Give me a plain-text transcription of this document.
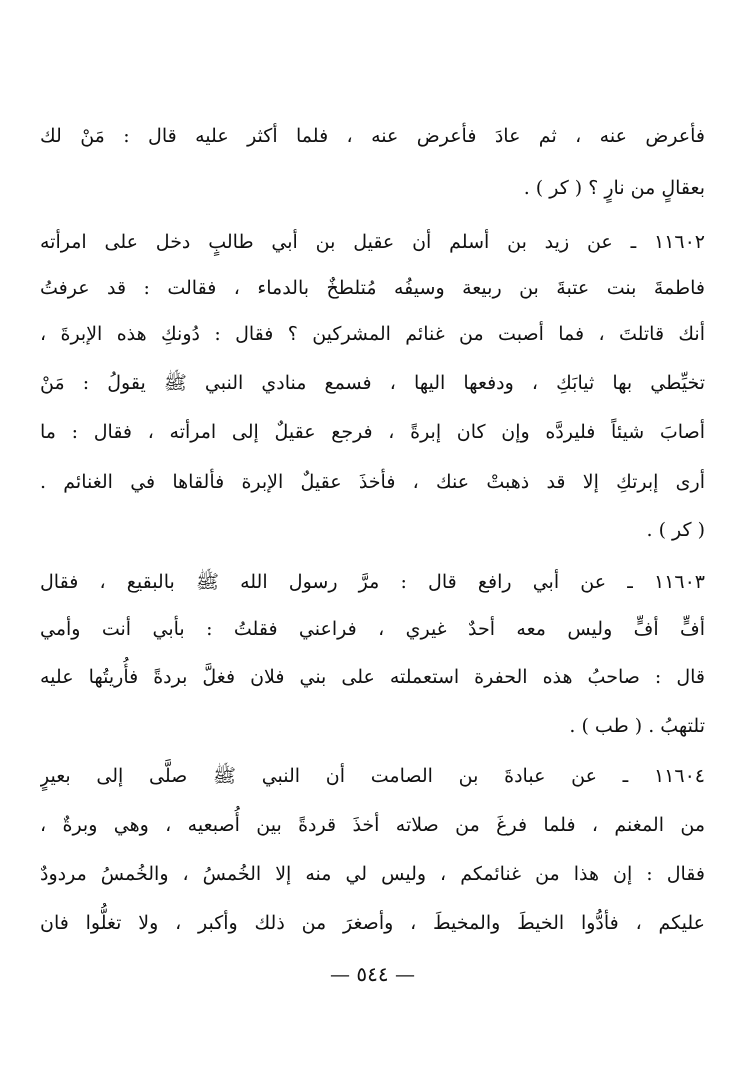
فأعرض عنه ، ثم عادَ فأعرض عنه ، فلما أكثر عليه قال : مَنْ لك
بعقالٍ من نارٍ ؟ ( كر ) .
١١٦٠٢ ـ عن زيد بن أسلم أن عقيل بن أبي طالبٍ دخل على امرأته
فاطمةَ بنت عتبةَ بن ربيعة وسيفُه مُتلطخٌ بالدماء ، فقالت : قد عرفتُ
أنك قاتلتَ ، فما أصبت من غنائم المشركين ؟ فقال : دُونكِ هذه الإبرةَ ،
تخيِّطي بها ثيابَكِ ، ودفعها اليها ، فسمع منادي النبي ﷺ يقولُ : مَنْ
أصابَ شيئاً فليردَّه وإن كان إبرةً ، فرجع عقيلٌ إلى امرأته ، فقال : ما
أرى إبرتكِ إلا قد ذهبتْ عنك ، فأخذَ عقيلٌ الإبرة فألقاها في الغنائم .
( كر ) .
١١٦٠٣ ـ عن أبي رافع قال : مرَّ رسول الله ﷺ بالبقيع ، فقال
أفٍّ أفٍّ وليس معه أحدٌ غيري ، فراعني فقلتُ : بأبي أنت وأمي
قال : صاحبُ هذه الحفرة استعملته على بني فلان فغلَّ بردةً فأُريتُها عليه
تلتهبُ . ( طب ) .
١١٦٠٤ ـ عن عبادةَ بن الصامت أن النبي ﷺ صلَّى إلى بعيرٍ
من المغنم ، فلما فرغَ من صلاته أخذَ قردةً بين أُصبعيه ، وهي وبرةٌ ،
فقال : إن هذا من غنائمكم ، وليس لي منه إلا الخُمسُ ، والخُمسُ مردودٌ
عليكم ، فأدُّوا الخيطَ والمخيطَ ، وأصغرَ من ذلك وأكبر ، ولا تغلُّوا فان
— ٥٤٤ —
